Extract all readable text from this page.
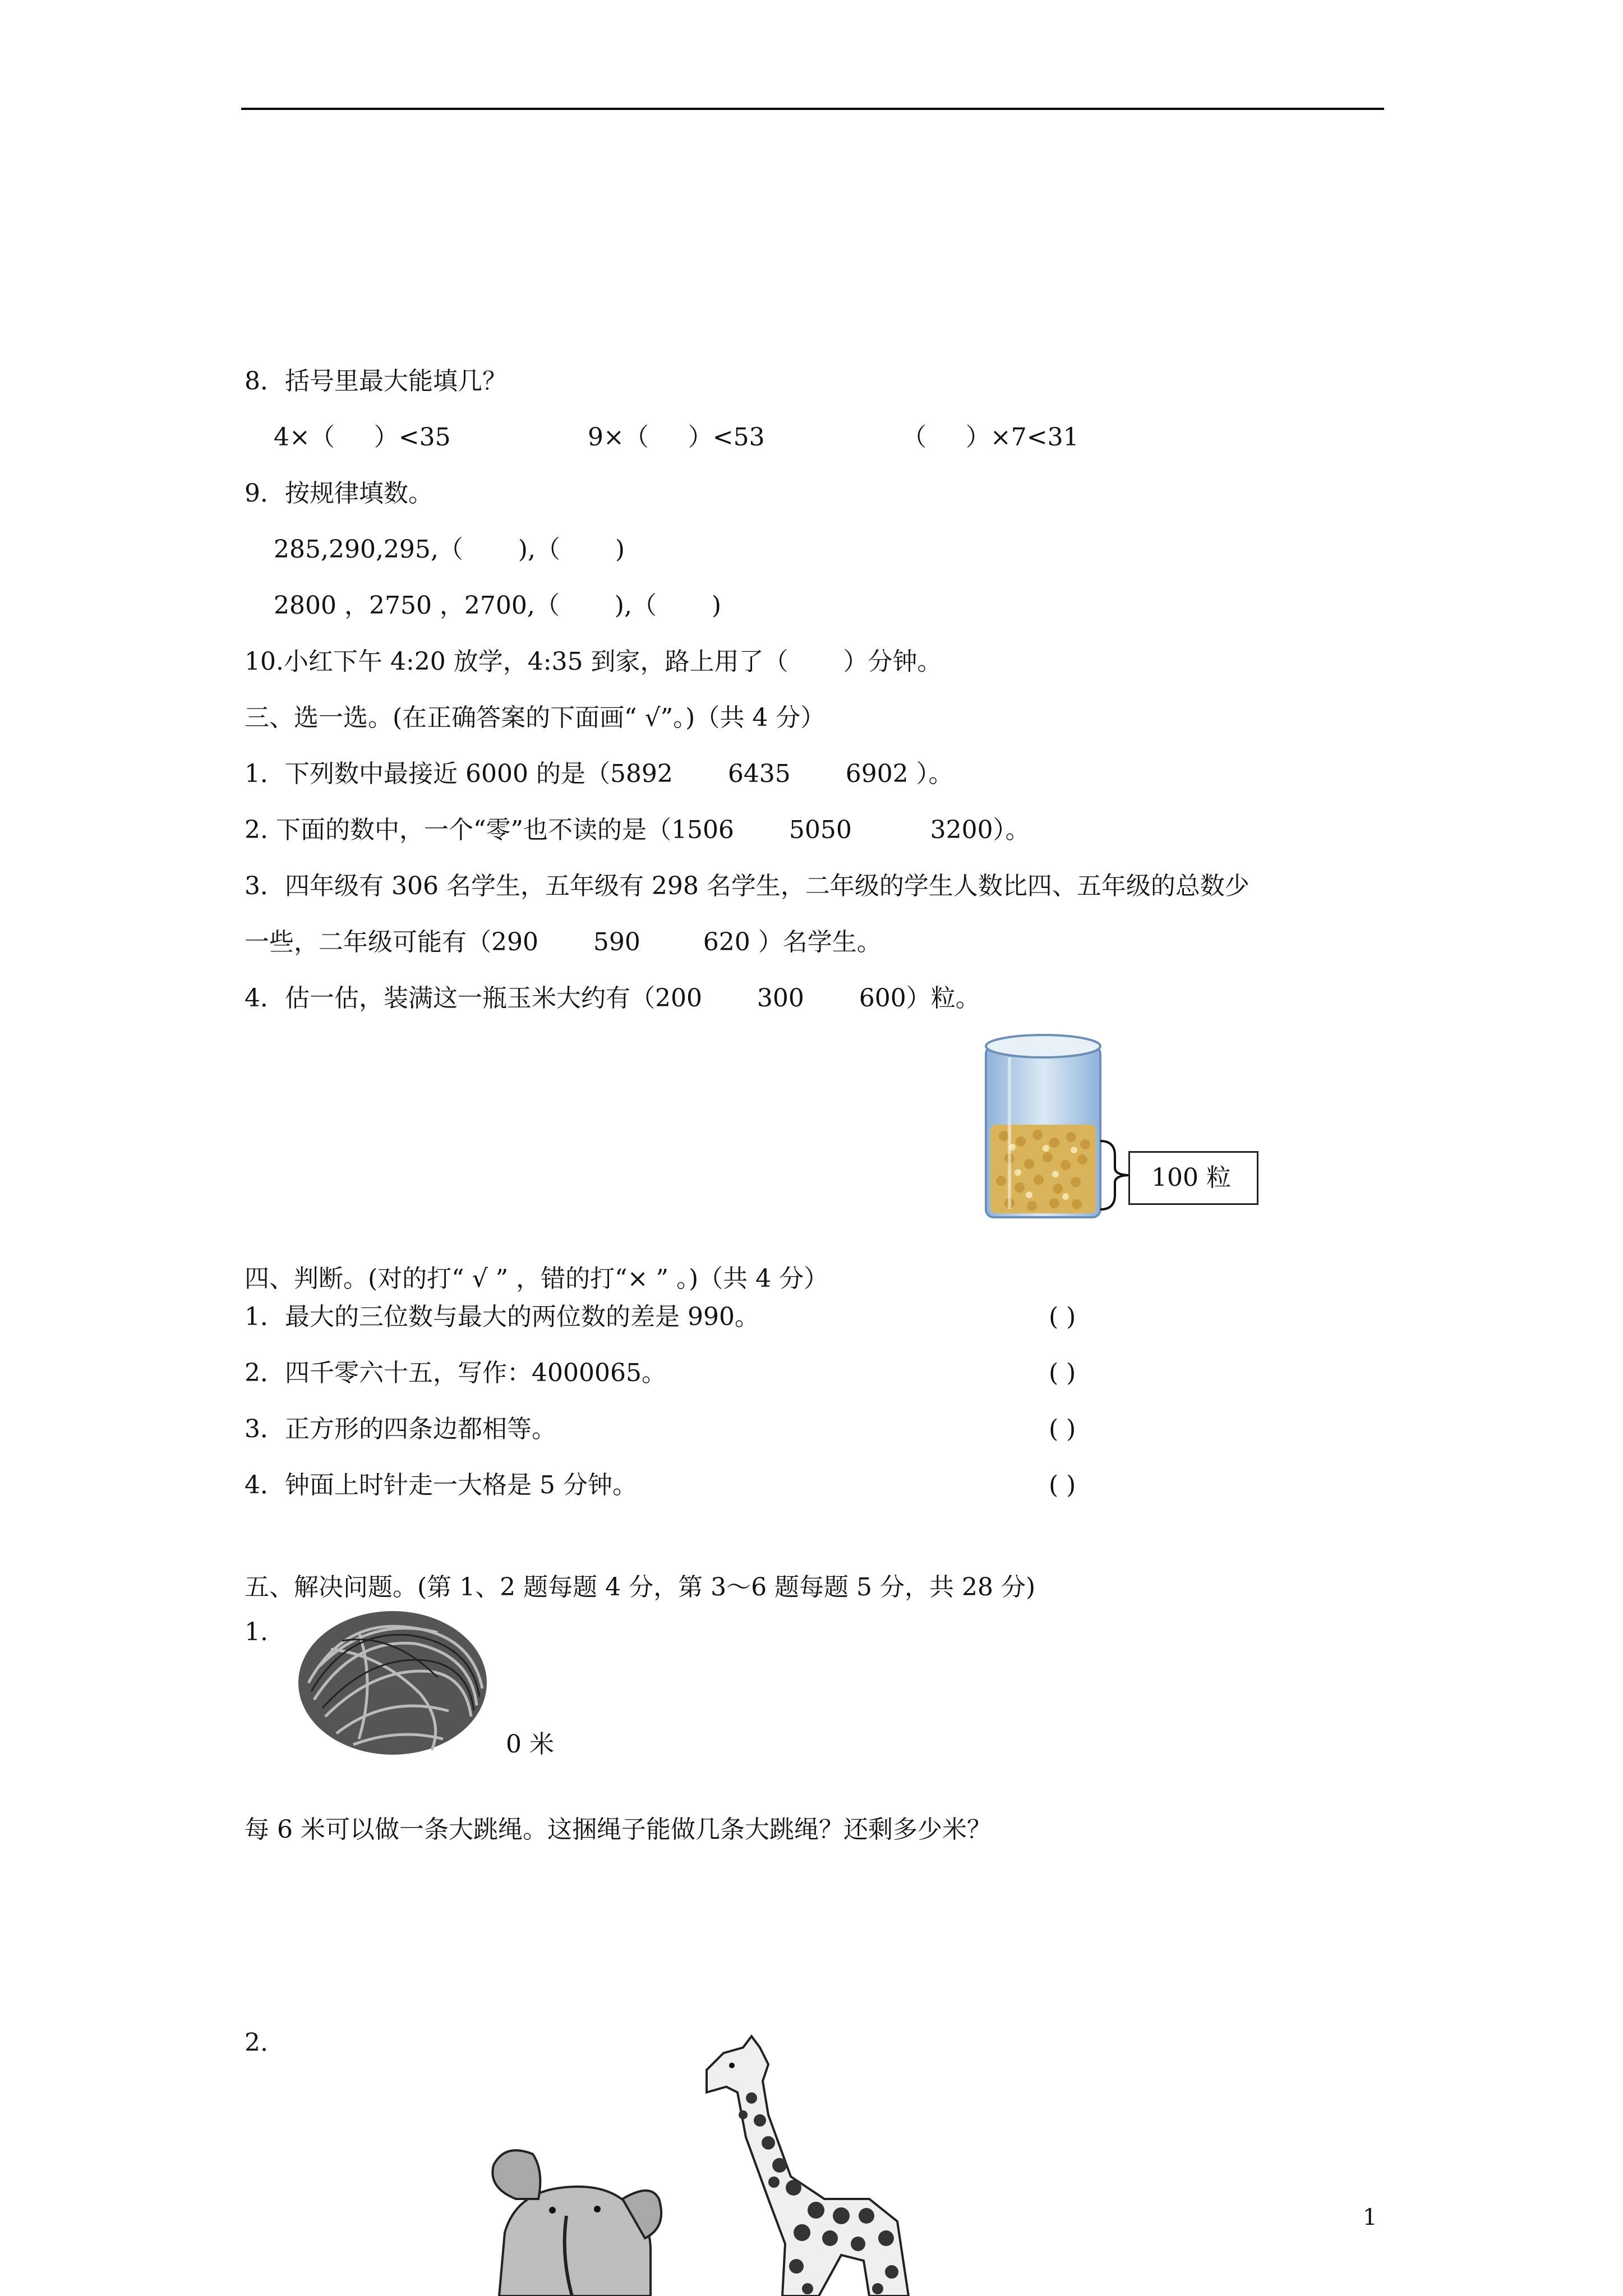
8．括号里最大能填几？
4×（     ）<35	9×（     ）<53	（     ）×7<31
9．按规律填数。
285,290,295,（       ),（       )
2800 ，2750 ，2700,（       ),（       )
10.小红下午 4:20 放学，4:35 到家，路上用了（       ）分钟。
三、选一选。(在正确答案的下面画“ √”。)（共 4 分）
1．下列数中最接近 6000 的是（5892       6435       6902 ）。
2. 下面的数中，一个“零”也不读的是（1506       5050          3200）。
3．四年级有 306 名学生，五年级有 298 名学生，二年级的学生人数比四、五年级的总数少
一些，二年级可能有（290       590        620 ）名学生。
4．估一估，装满这一瓶玉米大约有（200       300       600）粒。
100 粒
四、判断。(对的打“ √ ” ，错的打“× ” 。)（共 4 分）
1．最大的三位数与最大的两位数的差是 990。
2．四千零六十五，写作：4000065。
3．正方形的四条边都相等。
4．钟面上时针走一大格是 5 分钟。
( )
( )
( )
( )
五、解决问题。(第 1、2 题每题 4 分，第 3～6 题每题 5 分，共 28 分)
1.
0 米
每 6 米可以做一条大跳绳。这捆绳子能做几条大跳绳？还剩多少米？
2.
1
